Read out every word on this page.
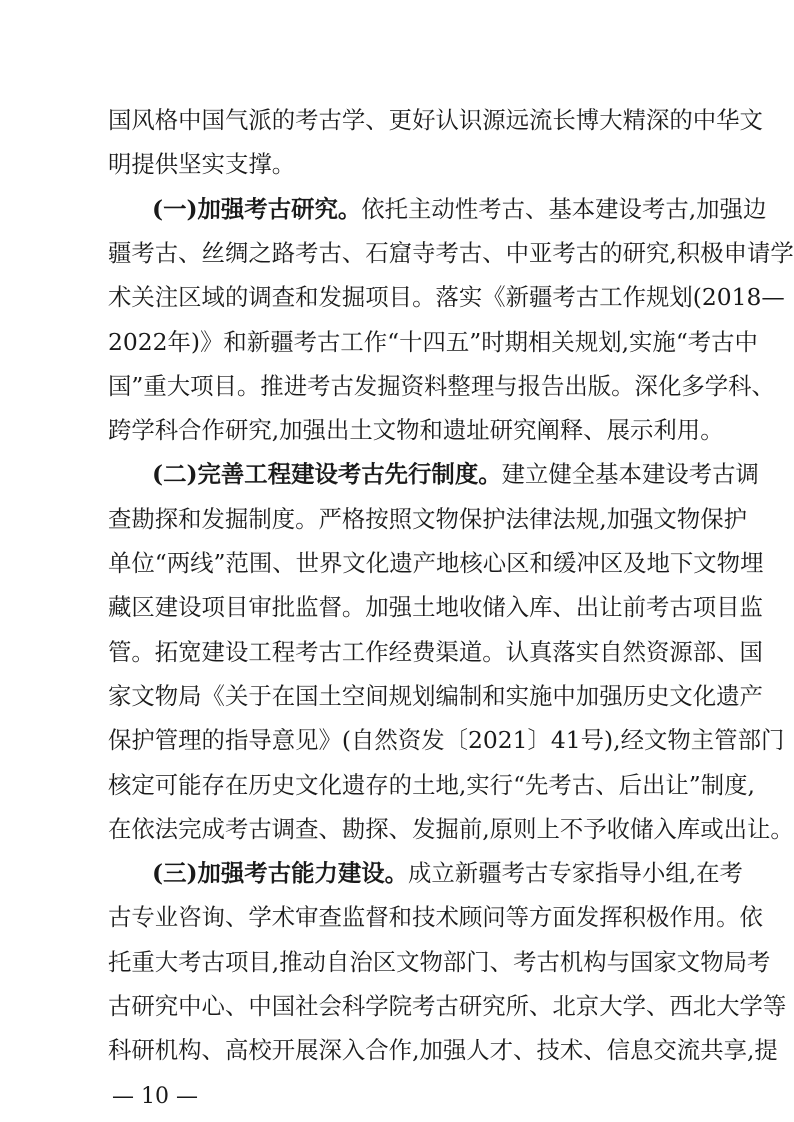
国风格中国气派的考古学、更好认识源远流长博大精深的中华文
明提供坚实支撑。
(一)加强考古研究。依托主动性考古、基本建设考古,加强边
疆考古、丝绸之路考古、石窟寺考古、中亚考古的研究,积极申请学
术关注区域的调查和发掘项目。落实《新疆考古工作规划(2018—
2022年)》和新疆考古工作“十四五”时期相关规划,实施“考古中
国”重大项目。推进考古发掘资料整理与报告出版。深化多学科、
跨学科合作研究,加强出土文物和遗址研究阐释、展示利用。
(二)完善工程建设考古先行制度。建立健全基本建设考古调
查勘探和发掘制度。严格按照文物保护法律法规,加强文物保护
单位“两线”范围、世界文化遗产地核心区和缓冲区及地下文物埋
藏区建设项目审批监督。加强土地收储入库、出让前考古项目监
管。拓宽建设工程考古工作经费渠道。认真落实自然资源部、国
家文物局《关于在国土空间规划编制和实施中加强历史文化遗产
保护管理的指导意见》(自然资发〔2021〕41号),经文物主管部门
核定可能存在历史文化遗存的土地,实行“先考古、后出让”制度,
在依法完成考古调查、勘探、发掘前,原则上不予收储入库或出让。
(三)加强考古能力建设。成立新疆考古专家指导小组,在考
古专业咨询、学术审查监督和技术顾问等方面发挥积极作用。依
托重大考古项目,推动自治区文物部门、考古机构与国家文物局考
古研究中心、中国社会科学院考古研究所、北京大学、西北大学等
科研机构、高校开展深入合作,加强人才、技术、信息交流共享,提
— 10 —
